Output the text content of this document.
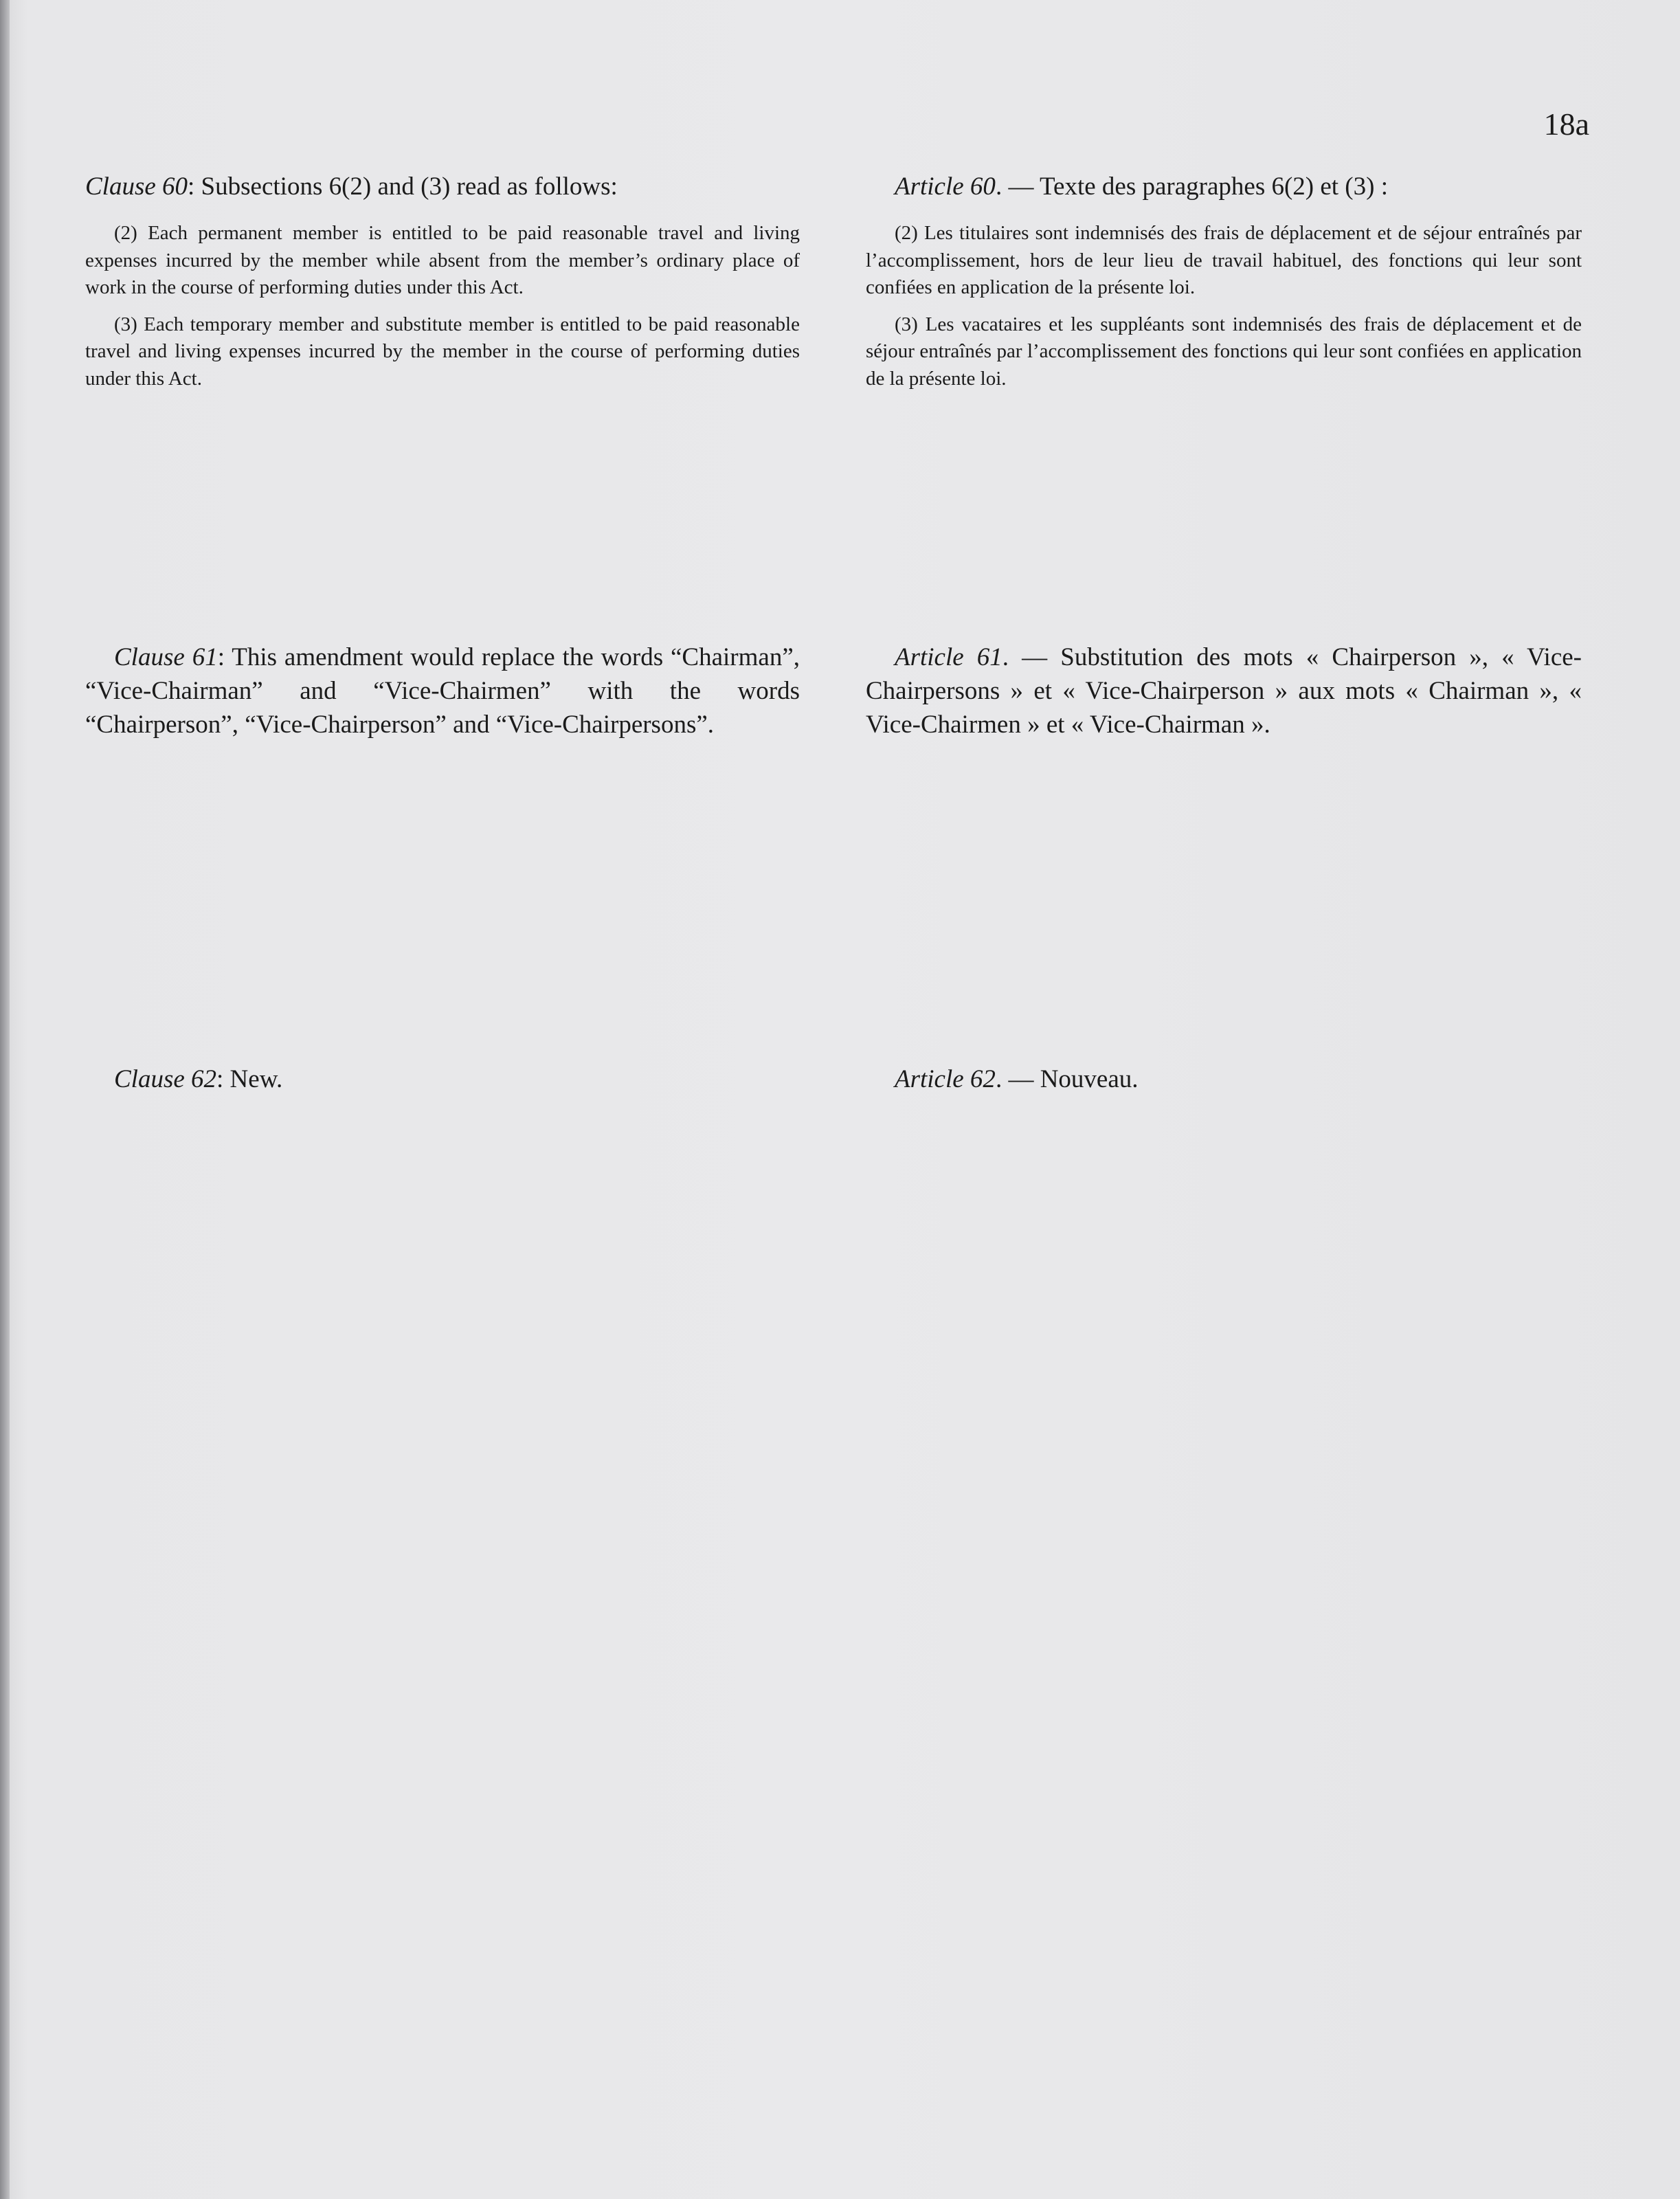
18a

Clause 60: Subsections 6(2) and (3) read as follows:

(2) Each permanent member is entitled to be paid reasonable travel and living expenses incurred by the member while absent from the member’s ordinary place of work in the course of performing duties under this Act.

(3) Each temporary member and substitute member is entitled to be paid reasonable travel and living expenses incurred by the member in the course of performing duties under this Act.

Clause 61: This amendment would replace the words “Chairman”, “Vice-Chairman” and “Vice-Chairmen” with the words “Chairperson”, “Vice-Chairperson” and “Vice-Chairpersons”.

Clause 62: New.

Article 60. — Texte des paragraphes 6(2) et (3) :

(2) Les titulaires sont indemnisés des frais de déplacement et de séjour entraînés par l’accomplissement, hors de leur lieu de travail habituel, des fonctions qui leur sont confiées en application de la présente loi.

(3) Les vacataires et les suppléants sont indemnisés des frais de déplacement et de séjour entraînés par l’accomplissement des fonctions qui leur sont confiées en application de la présente loi.

Article 61. — Substitution des mots « Chairperson », « Vice-Chairpersons » et « Vice-Chairperson » aux mots « Chairman », « Vice-Chairmen » et « Vice-Chairman ».

Article 62. — Nouveau.
